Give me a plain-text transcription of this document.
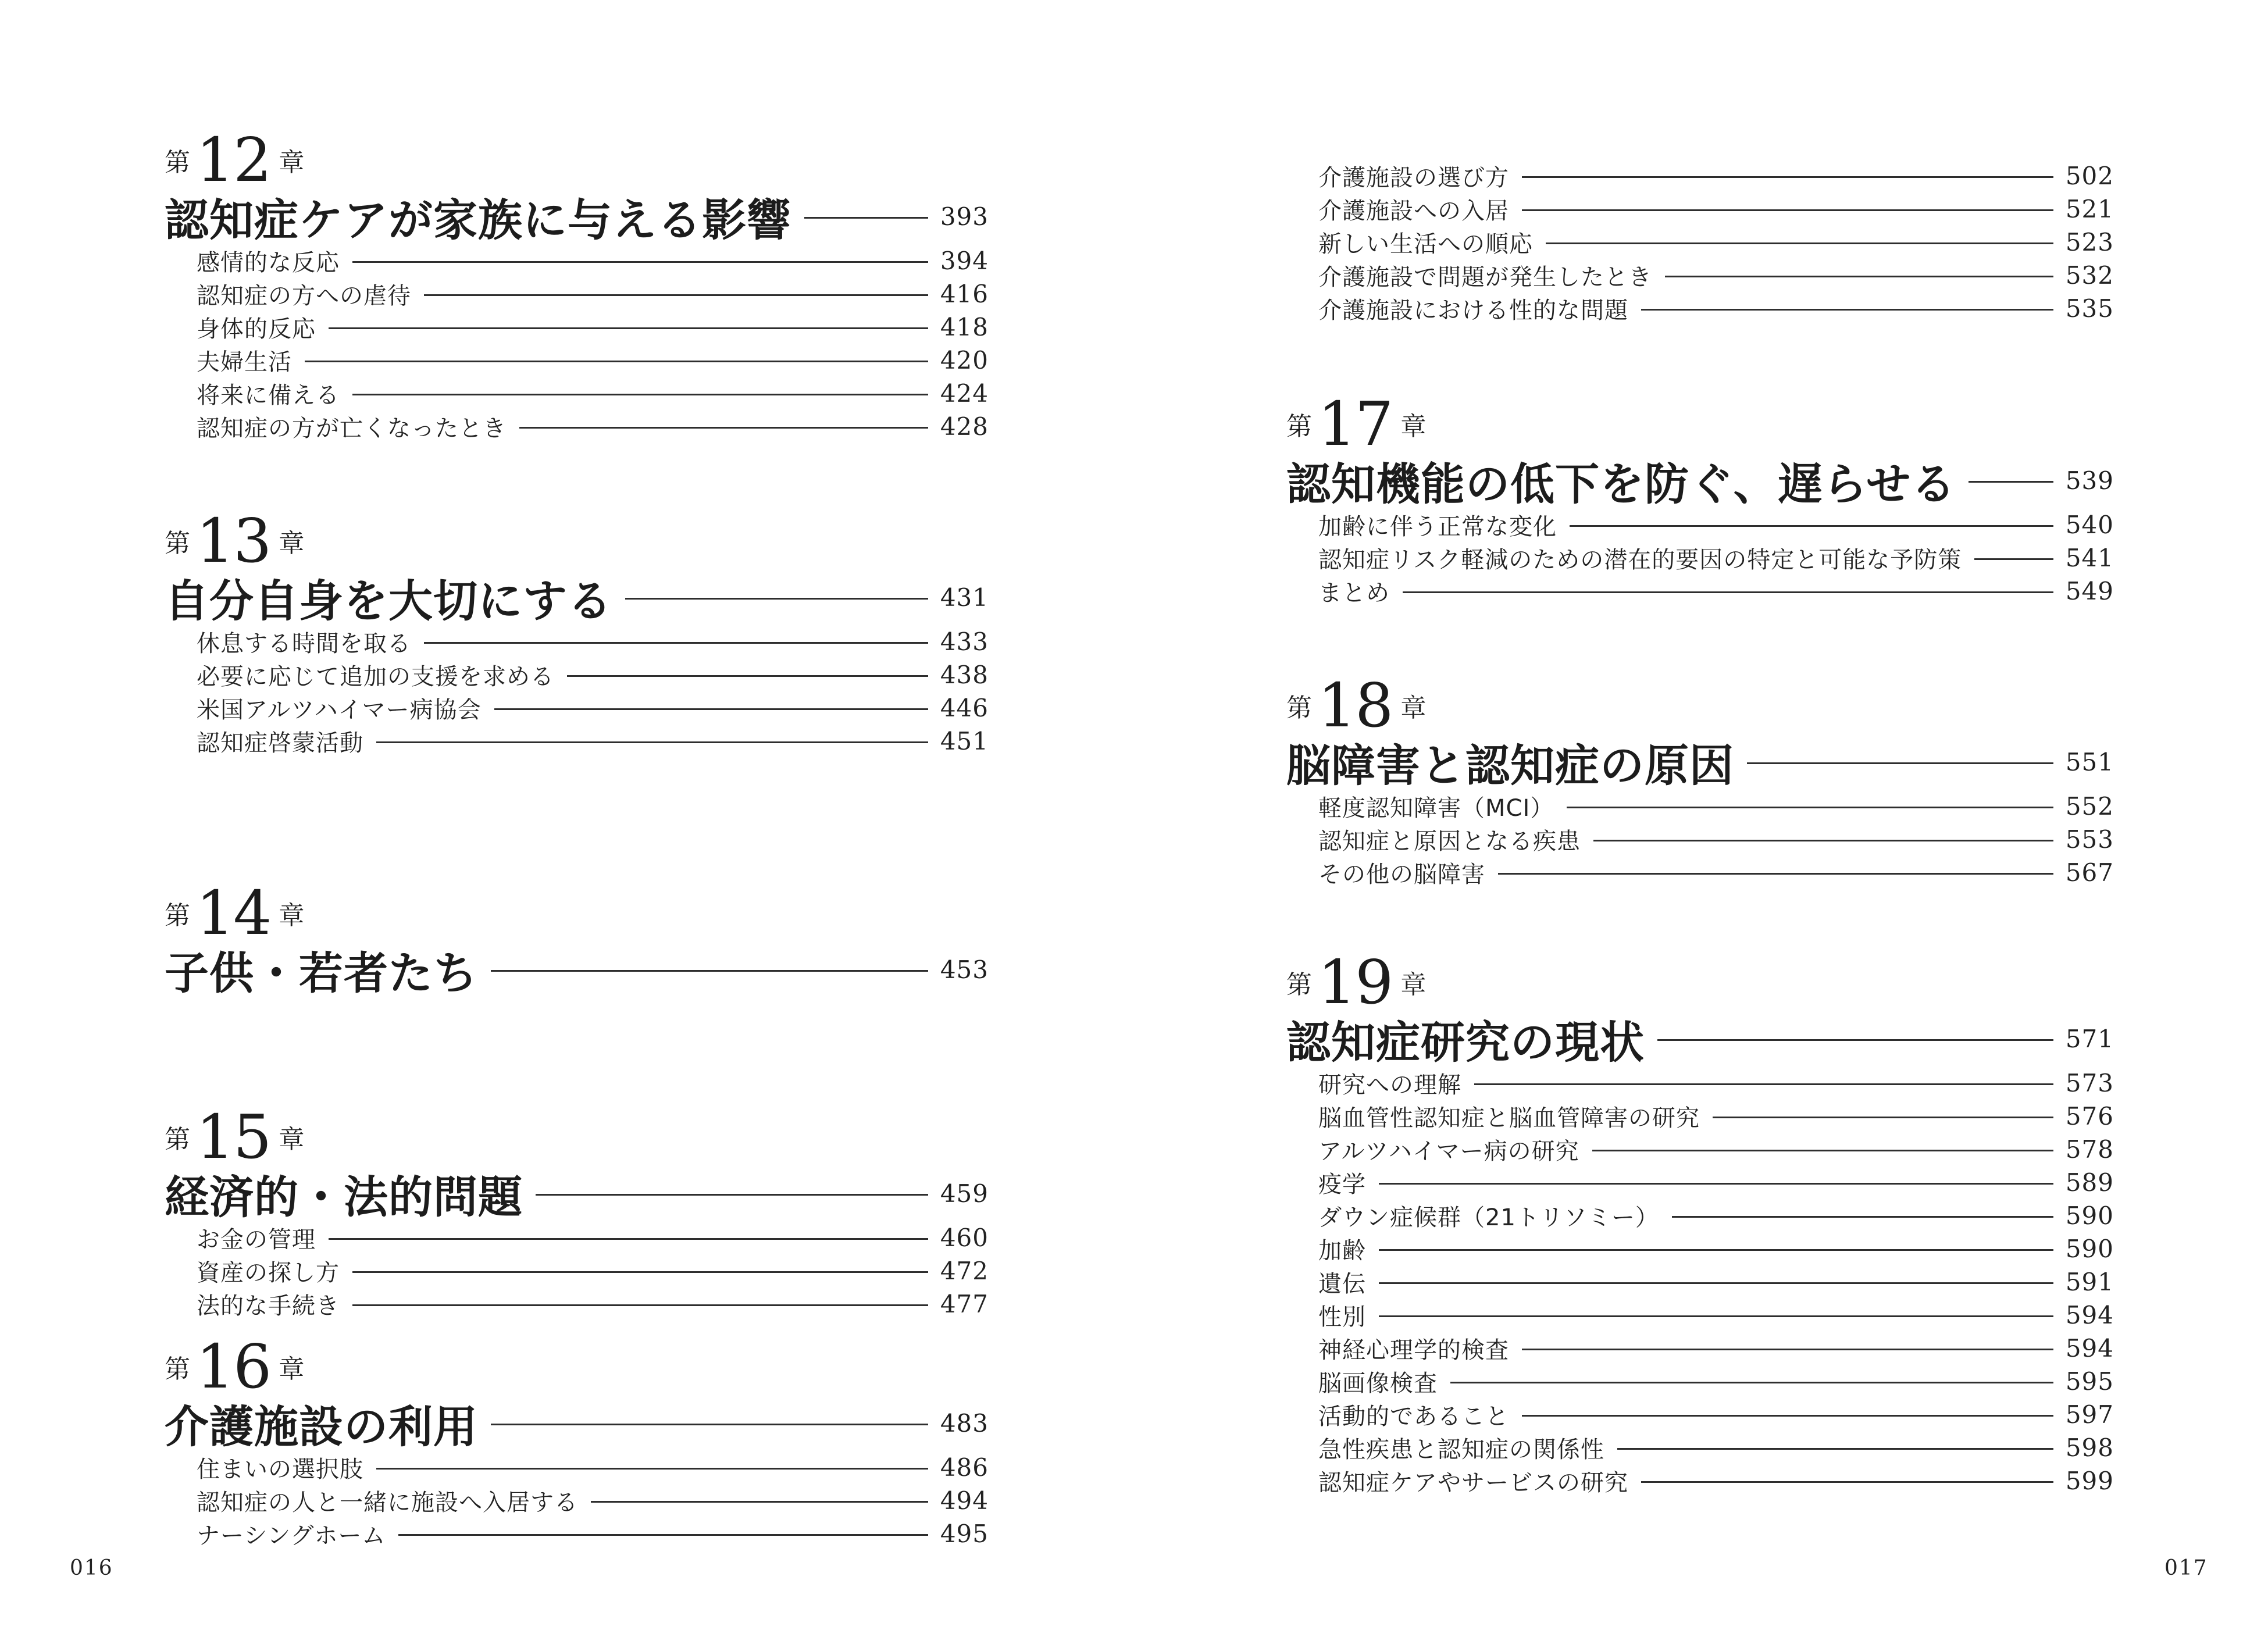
第 12 章
認知症ケアが家族に与える影響	393
感情的な反応	394
認知症の方への虐待	416
身体的反応	418
夫婦生活	420
将来に備える	424
認知症の方が亡くなったとき	428
第 13 章
自分自身を大切にする	431
休息する時間を取る	433
必要に応じて追加の支援を求める	438
米国アルツハイマー病協会	446
認知症啓蒙活動	451
第 14 章
子供・若者たち	453
第 15 章
経済的・法的問題	459
お金の管理	460
資産の探し方	472
法的な手続き	477
第 16 章
介護施設の利用	483
住まいの選択肢	486
認知症の人と一緒に施設へ入居する	494
ナーシングホーム	495
介護施設の選び方	502
介護施設への入居	521
新しい生活への順応	523
介護施設で問題が発生したとき	532
介護施設における性的な問題	535
第 17 章
認知機能の低下を防ぐ、遅らせる	539
加齢に伴う正常な変化	540
認知症リスク軽減のための潜在的要因の特定と可能な予防策	541
まとめ	549
第 18 章
脳障害と認知症の原因	551
軽度認知障害（MCI）	552
認知症と原因となる疾患	553
その他の脳障害	567
第 19 章
認知症研究の現状	571
研究への理解	573
脳血管性認知症と脳血管障害の研究	576
アルツハイマー病の研究	578
疫学	589
ダウン症候群（21トリソミー）	590
加齢	590
遺伝	591
性別	594
神経心理学的検査	594
脳画像検査	595
活動的であること	597
急性疾患と認知症の関係性	598
認知症ケアやサービスの研究	599
016	017
